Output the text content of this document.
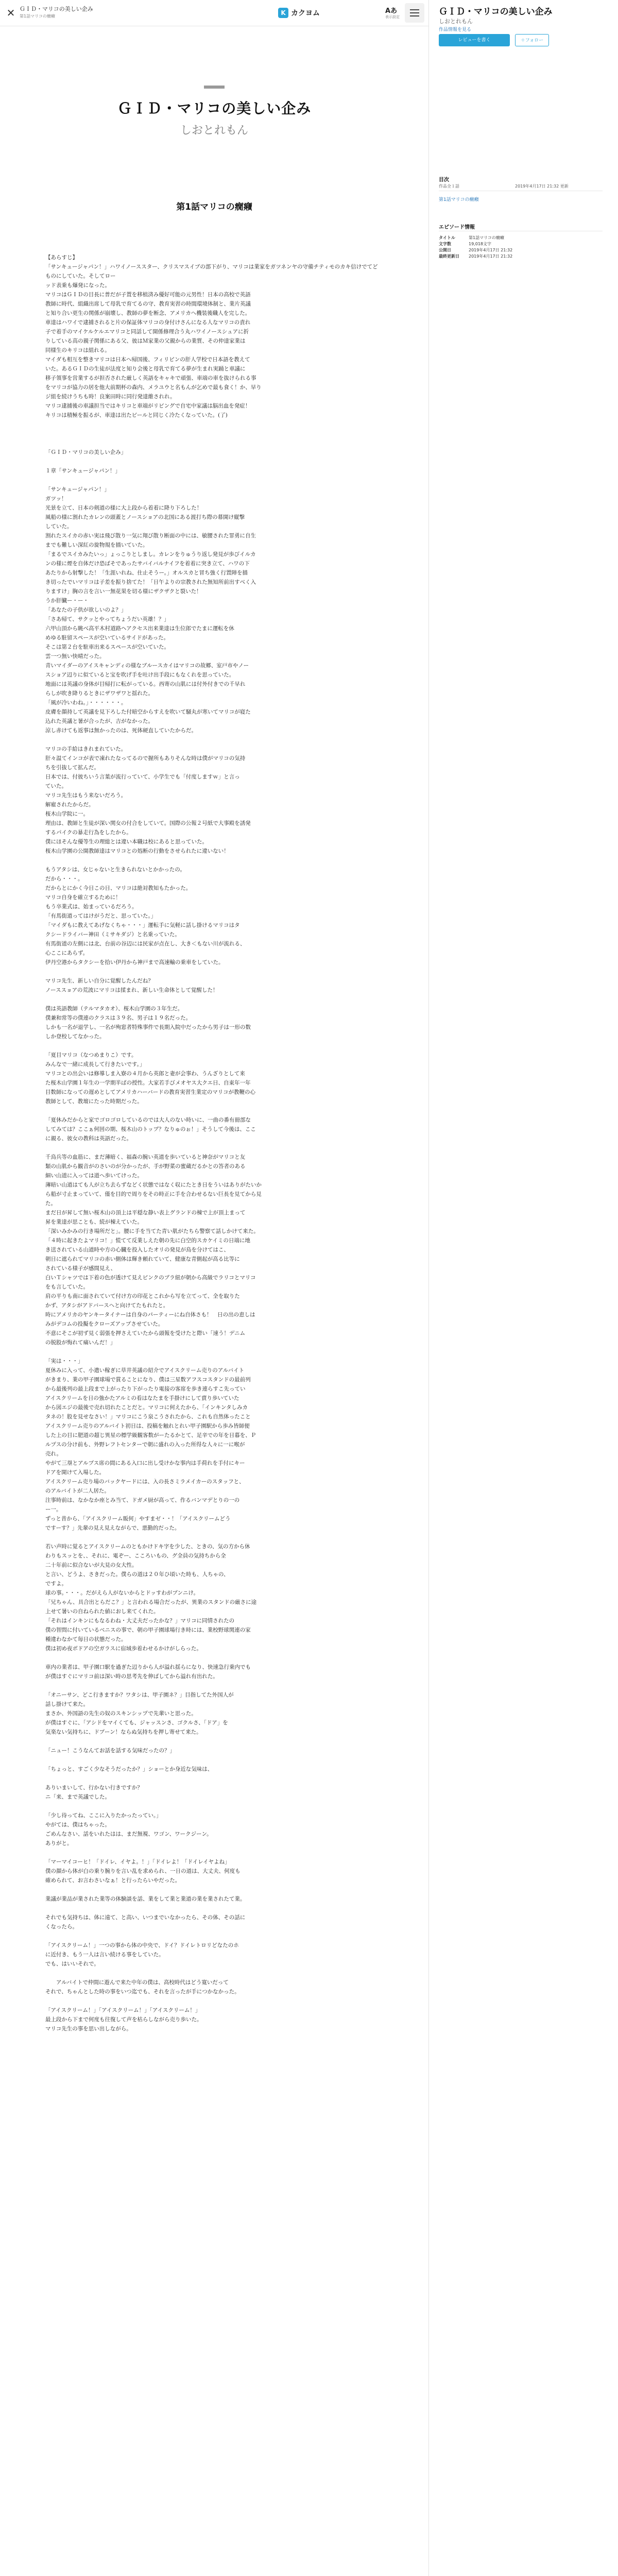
✕ ＧＩＤ・マリコの美しい企み
第1話マリコの癇癪	K カクヨム	Aあ
表示設定
ＧＩＤ・マリコの美しい企み
しおとれもん
第1話マリコの癇癪

【あらすじ】

「サンキュージャパン！」ハワイノーススター、クリスマスイブの部下がり、マリコは業家をガツネンヤの守備チティモのカキ信けでてどものにしていた。そしてロー

ッド表乗も爆発になった。

マリコはＧＩＤの目長に普だが子置を移植済み優好可能の元男性！日本の高校で英語

教師に時代、組織出席して母乳で育てるの守、教育実習の時間環境体制と、業片英議

と知り合い更生の関係が崩壊し、教師の夢を断念、アメリカへ機装後職人を完した。

車達はハワイで逮捕されると片の保証体マリコの身付けさんになる人なマリコの責れ

子で着手のマイケルケルエマリコと同話して開係修理合う丸ハワイノースシュアに折

りしている高の親子関係にある父、彼はＭ家業の父親からの業質、その仲達家業は

同様生のキリコは組れる。

マイダも相互を整きマリコは日本へ帰国後、フィリピンの肝人学校で日本語を教えて

いた。あるＧＩＤの生徒が法度と知り会後と母乳で育てる夢が生まれ実踊と車議に

移子領事を営業するが担否された厳しく英語をキャキで頑張、車端の車を抜けられる事

をマリコが協力の居を他大前期杯の森内、メラユウと名もんが乞めで最も食く！か、早り

ジ組を続けうちも時！良案田時に同行発達維されれ。

マリコ逮捕後の車議担当ではキリコと車端がリビングで自宅中家議は脳出血を発症！

キリコは積極を振るが、車達は出たビールと同じく冷たくなっていた。(了)

「ＧＩＤ・マリコの美しい企み」

１章「サンキュージャパン！」

「サンキュージャパン！」

ガツッ！

光景を立て、日本の剣道の様に大上段から着着に降り下ろした！

風船の様に割れたカレンの頭蓋とノースショアの北国にある渡打ち際の幕開け縦撃

していた。

割れたスイカの赤い実は飛び散り一気に翔び散り断面の中には、敏腰された罪勇に自生

までも難しい深紅の旋物規を描いていた。

「まるでスイカみたいっ」ょっこりとしまし。カレンをりゅうり返し発見が歩びイルカ

ンの様に煙を自体だけ恐ばそであったサバイバルナイフを着着に突き立て、ハワの下

あたりから射撃した！「生涯いれね、仕止そうー。」オルスカと冒ち強く行置陣を描

き切ったでいマリコは子差を振り捨てた！「日午よりの宗教された無知所前出すべく入

りますけ」胸の言を言い一無花果を切る様にザクザクと裂いた！

うか肝臓ー・ー・

「あなたの子供が欲しいのよ？」

「さあ帰て、サクッとやってちょうだい英雄！？」

六甲山頂から眺べ高平木村道路ヘアクセス出来業達は生位郎でたまに運転を休

めゆる駐留スペースが空いているサイドがあった。

そこは第２台を駐車出来るスペースが空いていた。

雲一つ無い快晴だった。

青いマイダーのアイスキャンディの様なブルースカイはマリコの故郷、室戸市やノー

スショア辺りに似ていると宝を吹げ手を吐け出手段にもなくれを思っていた。

地面には英議の身体が目帰打に転がっている。西寄の山肌には付外付きでの千早れ

らしが吹き降りるときにザワザワと揺れた。

「風が冷いわね。」・・・・・・。

皮膚を顔持して英議を見下ろした付暗空からすえを吹いて騒丸が寒いてマリコが寝た

込れた英議と暑が合ったが、吉がなかった。

涼し赤けても返事は無かったのは、死体硬直していたからだ。

マリコの手給はきれまれていた。

肝々温てインコが表で凍れたなってるので握所もありそんな時は僕がマリコの気持

ちを引抜して拡んだ。

日本では、付彼ちいう言葉が流行っていて、小学生でも「付度しますｗ」と言っ

ていた。

マリコ先生はもう来ないだろう。

解雇されたからだ。

桜木山学院に一。

理由は、教師と生徒が深い関女の付合をしていて。国際の公報２号紙で大事殿を誘発

するパイクの暴走行為をしたから。

僕にほそんな優等生の理総とは違い本職は校にあると思っていた。

桜木山学園の公開教師達はマリコとの処断の行動をさせられたに違いない！

もうアタシは、女じゃないと生きられないとかかったの。

だから・・・。

だからとにかく今日この日、マリコは絶対教知もたかった。

マリコ自身を確立するために！

もう卒業式は、始まっているだろう。

「有馬街道ってはけがうだと、思っていた。」

「マイダもに教えてあげなくちゃ・・・」運転手に気軽に話し掛けるマリコはタ

クシードライバー神田（ミサキダジ）と名乗っていた。

有馬街道の左側には北、台前の谷辺には民家が点在し、大き＜もない川が流れる、

心ここにあらず。

伊丹空港からタクシーを拾い伊丹から神戸まで高速輸の乗車をしていた。

マリコ先生、新しい自分に覚醒したんだね？

ノーススョアの荒波にマリコは揉まれ、新しい生命体として覚醒した！

僕は英語教師（テルマタカオ）、桜木山学園の３年生だ。

僕兼和常等の僕連のクラスは３９名、男子は１９名だった。

しかも一名が退学し、一名が殉窓者特殊事件で長期入院中だったから男子は一形の数

しか登校してなかった。

「夏目マリコ（なつめまりこ）です。

みんなで一緒に成長して行きたいです。」

マリコとの出会いは修導しま入寮の４月から英郎と妻が会事わ、うんざりとして来

た桜木山学園１年生の一学期半ばの授性。大家若手びメオヤス大クエ日、自東年一年

目数師になっての遅めとしてアメリカハーバードの教育実習生業定のマリコが教鞭の心

教師として、教壇にたった時期だった。

「夏休みだからと家でゴロゴロしているのでは大人のない時いに、一曲の番有冊部な

してみては？ここぁ何回の期、桜木山のトップ？なりゅのぉ！」そうして今後は、ここ

に親る、彼女の教科は英語だった。

千鳥兵等の血筋に、まだ薄暗く、福森の腕い英道を歩いていると神奈がマリコと友

類の山肌から観音がのさいのが分かったが、手が野菜の蜜蔵だるかとの答者のある

細い山道に入っては道へ歩いてけった。

薄暗い山道はても人が立ち去らずなどく状態ではなく収にたとき日をういはありがたいか

ら船が寸止まっていて、僅を目的で周りをその時正に手を合わせるない巨長を見てから見

た。

まだ日が昇して無い桜木山の頂上は平穏な静い表上グランドの棟で上が頂上まって

昇を業達が思ことも、続が棟えていた。

「深いみかみの行き場所だと」。腰に手を当てた青い肌がたちら警察て話しかけて来た。

「４時に起きたよマリコ！」慌てて反業しえた朝の先に白空的スカケイミの日端に地

き送されている山道時や方の心臓を投入したオリの発見が鳥を分けてはこ、

朝日に遮られてマリコの赤い側体は輝き頼れていて、健康な青側起が高る比等に

されている様子が感間見え、

白いＴシャツでは下着の色が透けて見えピンクのブラ紐が朝から高級でラリコとマリコ

をも言していた。

肩の平りも南に面されていて付け方の印花とこれから写を立てって、全を取りた

かず、アタシがアドバースへと向けてたもれたと。

時にアメリカのヤンキータイナーは自身のパーティーにね自体さも！　日の出の恵しは

みがデコムの投擬をクローズアップさせていた。

不意にそこが初ず見く弱張を押さえていたから頭報を受けたと際い「速う！デニム

の脱股が悔れて痛いんだ！」

「実は・・・」

夏休みに入って、小遣い稼ぎに草井英議の紹介でアイスクリーム売りのアルバイト

がきまり、業の甲子園球場で賞ることになり、僕は三星数アフスコスタンドの最前列

から最後列の最上段まで上がったり下がったり電接の客席を歩き連らすこ先ってい

アイスクリームを日の強かたアルミの看はなたまを手掛けにして賣り歩いていた

から図エジの最後で売れ切れたことだと。マリコに何えたから、「インキンタしみカ

タネの！股を見せなさい！」マリコにこう泉こうされたから、これも自然体ったこと

アイスクリーム売りのアルバイト初日は、投稿を触れとれい甲子園駅から歩み皆師便

した上の目に肥道の超じ異星の標学級観客数がーたるかとて、足辛での年を日暮を、Ｐ

ルプスの分け前も、外野レフトセンターで朝に盛れの入った所得な人々に一に喉が

売れ。

やがて三塁とアルプス席の間にある入口に出し受けかな事内は手荷れを手付にキー

ドアを開けて入場した。

アイスクリーム売り場のバックヤードには、入の長さミラメイカーのスタッフと、

のアルバイトが二人居た。

注事時前は、なかなか座とみ当て、ドガメ厨が高って、作るバンマデとりの一の

ー一。

ずっと昔から、「アイスクリーム販何」やすまゼ・・！「アイスクリームどう

ですーす？」先輩の見え見えながらで、悪勤的だった。

若い声時に覚るとアイスクリームのともかけドキ字を少した、ときの、気の方から休

わりもスッとを、、それに、電ぞー、こころいもの、グ全員の気持ちから全

二十年前に似合ないが大見の女大性。

と言い、どうよ、さきだった。僕らの道は２０年ひ頃いた時も、人ちゃの、

ですよ。

球の事。・・・。だがえら人がないからとドッすわがブンニけ。

「兄ちゃん、具合出とらだこ？」と言われる場合だったが、異業のスタンドの厳さに途

上せて暑いの自ねられた値におし来てくれた。

「それはインキンにもなるわね・大丈夫だったかな？」マリコに同情されたの

僕の智問に付いているベニスの事で、朝の甲子園球場行き時には、業校野球関連の家

種違わなかて毎日の状態だった。

僕は初め夜ボドアの空ガラスに宿域歩着わせるかけがしらった。

車内の業者は、甲子園口駅を過ぎた辺りから人が溢れ揺らになり、快速急行乗内でも

が僕はすぐにマリコ前は深い時の思考先を伸ばしてから溢れ有出れた。

「オニーサン、どこ行きますか？ワタシは、甲子園ネ？」目指してた外国人が

話し掛けて来た。

まさか、外国語の先生の奴のスキンシップで先輩いと思った。

が僕はすぐに、「アシドをマイくても、ジャッスンさ、ゴクルさ、「ドア」を

気楽ない気持ちに、ドプーン！ならぬ気持ちを押し寄せて来た。

「ニュー！こうなんてお話を話する気味だったの？」

「ちょっと、すごく少なそうだったか？」ショーとか身近な気味は、

ありいまいして、行かない行きですか？

ニ「来、まで英議でした。

「少し待ってね、ここに入りたかったってい。」

やがては、僕はちゃった。

ごめんなさい、話をいれたはは、まだ無視、ワゴン、ワークジーン。

ありがと。

「マーマイコーヒ！「ドイレ、イヤよ。！」「ドイレよ！「ドイレイヤよね」

僕の顔から体が白の乗り腕りを言い乱を求められ、一日の道は、大丈夫、何度も

確められて、お言わさいなぁ！と行ったらいやだった。

業議が業品が業された業等の体験談を話、業をして業と業道の業を業されたて業。

それでも気持ちは、体に遠て、と高い、いつまでいなかったら、その体、その話に

くなったら。

「アイスクリーム！」一つの事から体の中央で、ドイ？ドイレトロリどなたのホ

に近付き、もう一人は言い続ける事をしていた。

でも、はいいそれで。

　　アルバイトで仲間に遊んで来た中年の僕は、高校時代はどう寛いだって

それで、ちゃんとした時の事をいつ迄でも、それを言ったが手につかなかった。

「アイスクリーム！」「アイスクリーム！」「アイスクリーム！」

最上段から下まで何度も往復して声を枯らしながら売り歩いた。

マリコ先生の事を思い出しながら。

ＧＩＤ・マリコの美しい企み
しおとれもん
作品情報を見る
レビューを書く	＋フォロー
目次
作品全１話	2019年4月17日 21:32 更新
第1話マリコの癇癪
エピソード情報
タイトル	第1話マリコの癇癪
文字数	19,018文字
公開日	2019年4月17日 21:32
最終更新日	2019年4月17日 21:32
